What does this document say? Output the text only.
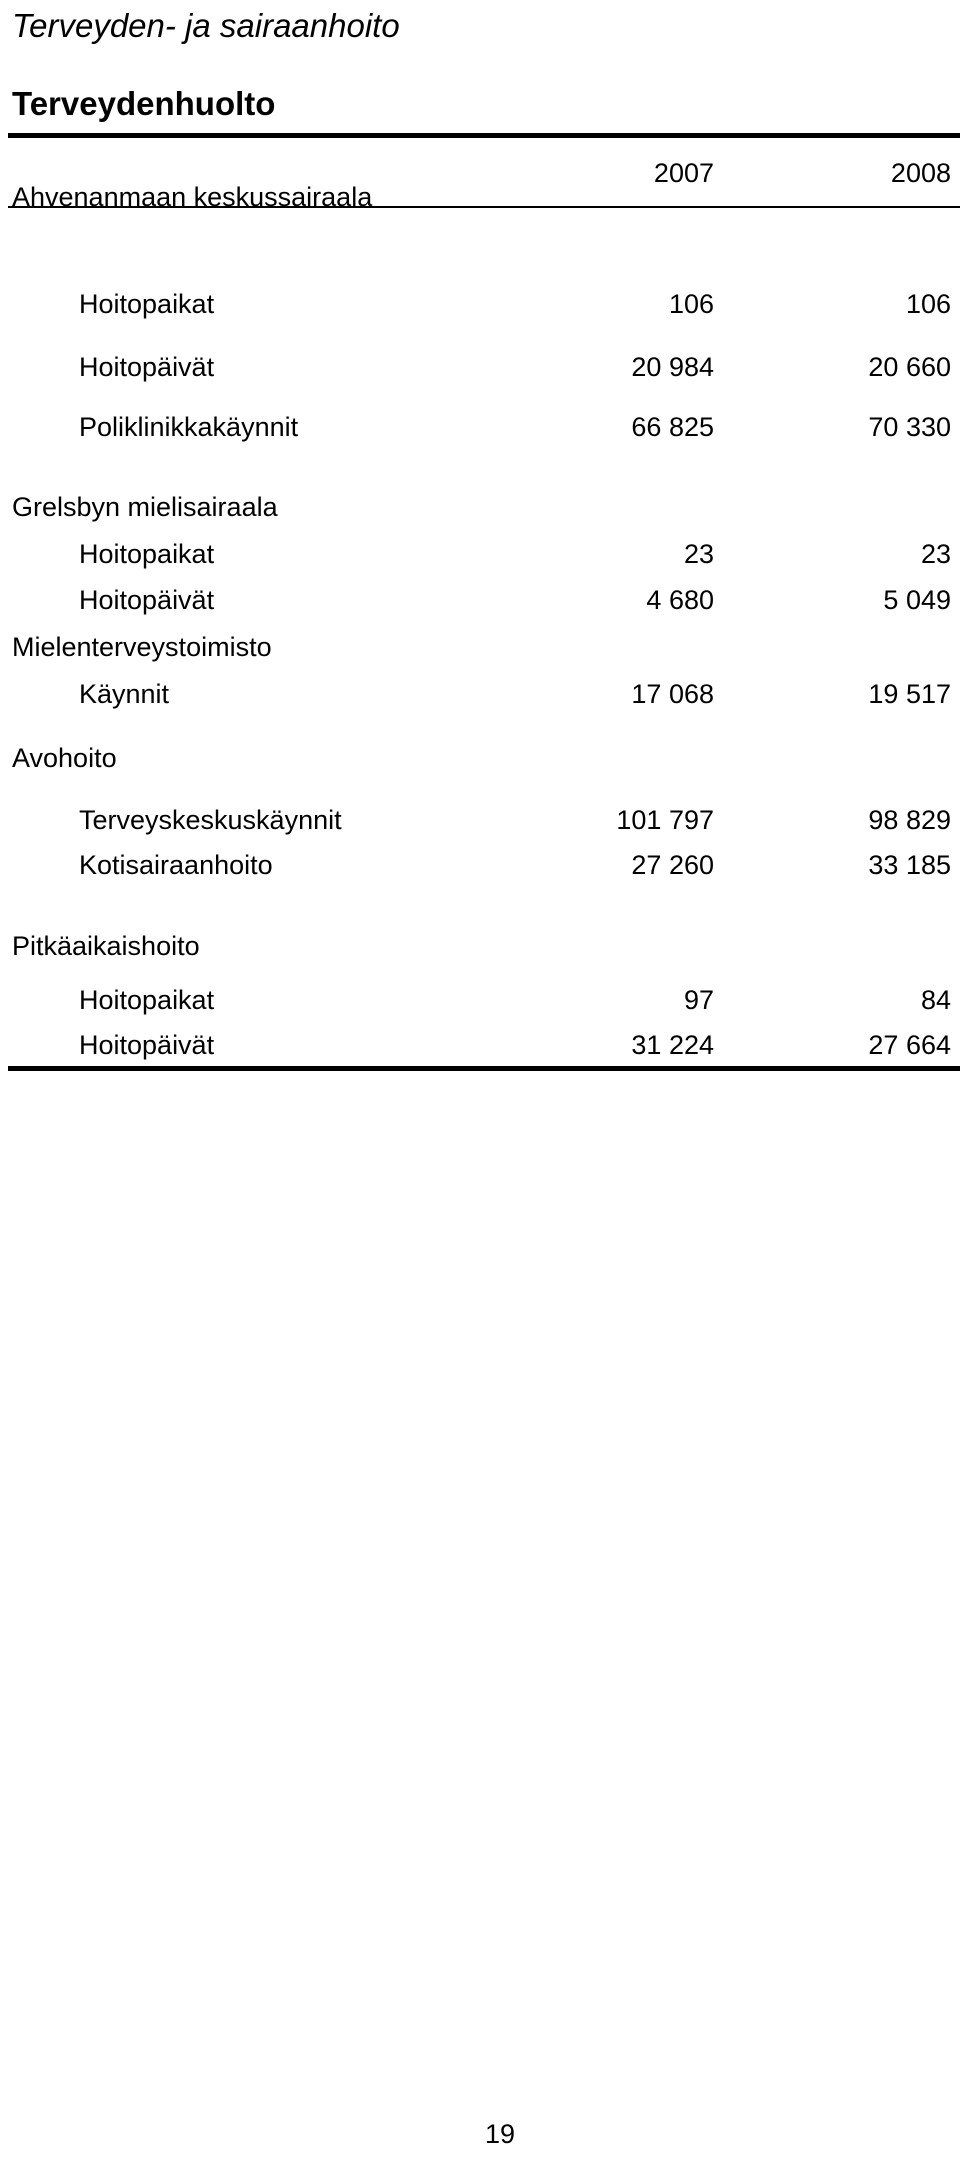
Terveyden- ja sairaanhoito
Terveydenhuolto
2007	2008
Ahvenanmaan keskussairaala
Hoitopaikat	106	106
Hoitopäivät	20 984	20 660
Poliklinikkakäynnit	66 825	70 330
Grelsbyn mielisairaala
Hoitopaikat	23	23
Hoitopäivät	4 680	5 049
Mielenterveystoimisto
Käynnit	17 068	19 517
Avohoito
Terveyskeskuskäynnit	101 797	98 829
Kotisairaanhoito	27 260	33 185
Pitkäaikaishoito
Hoitopaikat	97	84
Hoitopäivät	31 224	27 664
19
